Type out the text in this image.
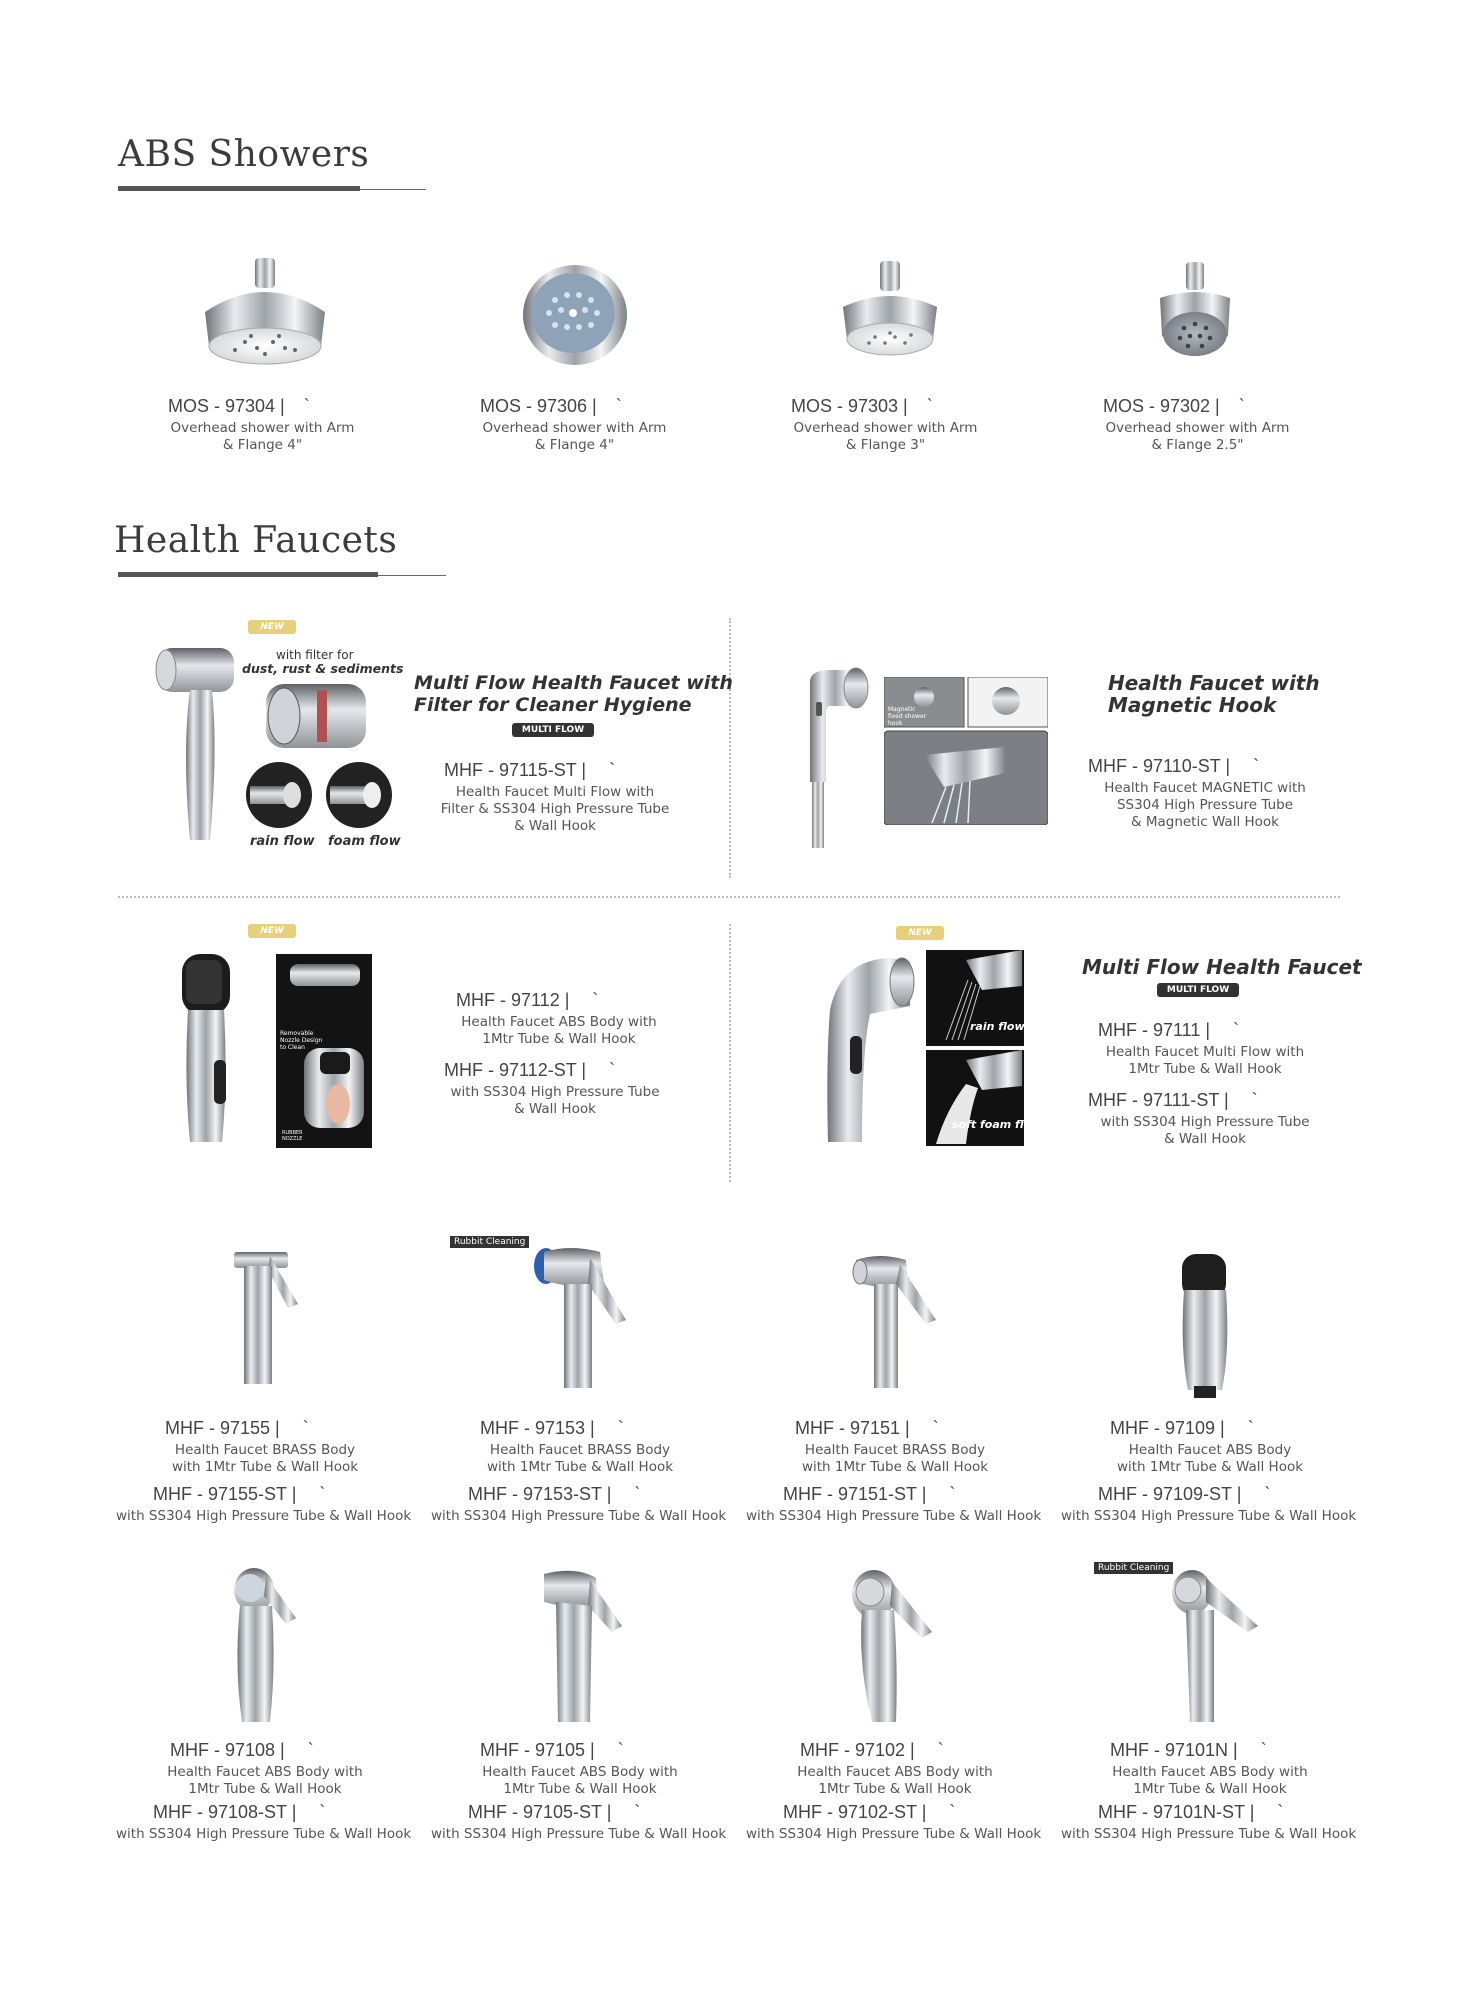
ABS Showers
MOS - 97304 | `
Overhead shower with Arm
& Flange 4"
MOS - 97306 | `
Overhead shower with Arm
& Flange 4"
MOS - 97303 | `
Overhead shower with Arm
& Flange 3"
MOS - 97302 | `
Overhead shower with Arm
& Flange 2.5"
Health Faucets
NEW
with filter for
dust, rust & sediments
rain flow foam flow
Multi Flow Health Faucet with
Filter for Cleaner Hygiene
MULTI FLOW
MHF - 97115-ST | `
Health Faucet Multi Flow with
Filter & SS304 High Pressure Tube
& Wall Hook
Magnetic fixed shower hook
Health Faucet with
Magnetic Hook
MHF - 97110-ST | `
Health Faucet MAGNETIC with
SS304 High Pressure Tube
& Magnetic Wall Hook
NEW
Removable Nozzle Design to Clean
RUBBER NOZZLE
MHF - 97112 | `
Health Faucet ABS Body with
1Mtr Tube & Wall Hook
MHF - 97112-ST | `
with SS304 High Pressure Tube
& Wall Hook
NEW
rain flow
soft foam flo
Multi Flow Health Faucet
MULTI FLOW
MHF - 97111 | `
Health Faucet Multi Flow with
1Mtr Tube & Wall Hook
MHF - 97111-ST | `
with SS304 High Pressure Tube
& Wall Hook
Rubbit Cleaning
MHF - 97155 | `
Health Faucet BRASS Body
with 1Mtr Tube & Wall Hook
MHF - 97155-ST | `
with SS304 High Pressure Tube & Wall Hook
MHF - 97153 | `
Health Faucet BRASS Body
with 1Mtr Tube & Wall Hook
MHF - 97153-ST | `
with SS304 High Pressure Tube & Wall Hook
MHF - 97151 | `
Health Faucet BRASS Body
with 1Mtr Tube & Wall Hook
MHF - 97151-ST | `
with SS304 High Pressure Tube & Wall Hook
MHF - 97109 | `
Health Faucet ABS Body
with 1Mtr Tube & Wall Hook
MHF - 97109-ST | `
with SS304 High Pressure Tube & Wall Hook
Rubbit Cleaning
MHF - 97108 | `
Health Faucet ABS Body with
1Mtr Tube & Wall Hook
MHF - 97108-ST | `
with SS304 High Pressure Tube & Wall Hook
MHF - 97105 | `
Health Faucet ABS Body with
1Mtr Tube & Wall Hook
MHF - 97105-ST | `
with SS304 High Pressure Tube & Wall Hook
MHF - 97102 | `
Health Faucet ABS Body with
1Mtr Tube & Wall Hook
MHF - 97102-ST | `
with SS304 High Pressure Tube & Wall Hook
MHF - 97101N | `
Health Faucet ABS Body with
1Mtr Tube & Wall Hook
MHF - 97101N-ST | `
with SS304 High Pressure Tube & Wall Hook
